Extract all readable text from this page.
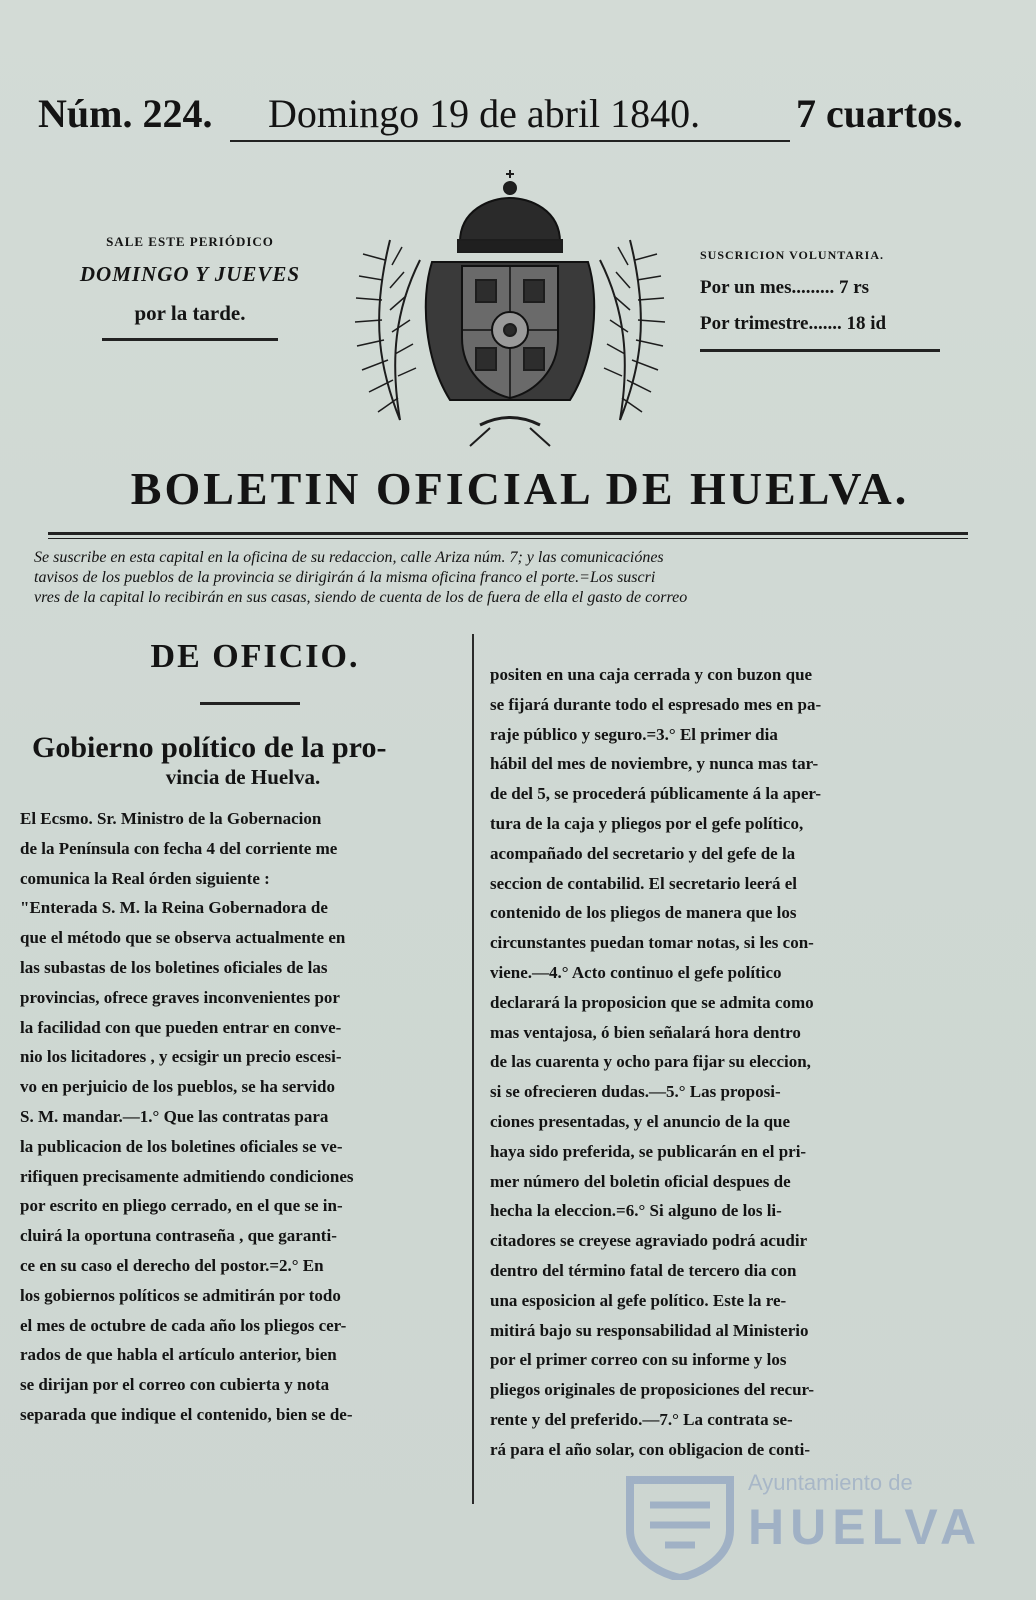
Núm. 224. Domingo 19 de abril 1840. 7 cuartos.
SALE ESTE PERIÓDICO
DOMINGO Y JUEVES
por la tarde.
SUSCRICION VOLUNTARIA.
Por un mes......... 7 rs
Por trimestre....... 18 id
BOLETIN OFICIAL DE HUELVA.
Se suscribe en esta capital en la oficina de su redaccion, calle Ariza núm. 7; y las comunicaciónes
tavisos de los pueblos de la provincia se dirigirán á la misma oficina franco el porte.=Los suscri
vres de la capital lo recibirán en sus casas, siendo de cuenta de los de fuera de ella el gasto de correo
DE OFICIO.
Gobierno político de la pro-
vincia de Huelva.
El Ecsmo. Sr. Ministro de la Gobernacion
de la Península con fecha 4 del corriente me
comunica la Real órden siguiente :
"Enterada S. M. la Reina Gobernadora de
que el método que se observa actualmente en
las subastas de los boletines oficiales de las
provincias, ofrece graves inconvenientes por
la facilidad con que pueden entrar en conve-
nio los licitadores , y ecsigir un precio escesi-
vo en perjuicio de los pueblos, se ha servido
S. M. mandar.—1.° Que las contratas para
la publicacion de los boletines oficiales se ve-
rifiquen precisamente admitiendo condiciones
por escrito en pliego cerrado, en el que se in-
cluirá la oportuna contraseña , que garanti-
ce en su caso el derecho del postor.=2.° En
los gobiernos políticos se admitirán por todo
el mes de octubre de cada año los pliegos cer-
rados de que habla el artículo anterior, bien
se dirijan por el correo con cubierta y nota
separada que indique el contenido, bien se de-
positen en una caja cerrada y con buzon que
se fijará durante todo el espresado mes en pa-
raje público y seguro.=3.° El primer dia
hábil del mes de noviembre, y nunca mas tar-
de del 5, se procederá públicamente á la aper-
tura de la caja y pliegos por el gefe político,
acompañado del secretario y del gefe de la
seccion de contabilid. El secretario leerá el
contenido de los pliegos de manera que los
circunstantes puedan tomar notas, si les con-
viene.—4.° Acto continuo el gefe político
declarará la proposicion que se admita como
mas ventajosa, ó bien señalará hora dentro
de las cuarenta y ocho para fijar su eleccion,
si se ofrecieren dudas.—5.° Las proposi-
ciones presentadas, y el anuncio de la que
haya sido preferida, se publicarán en el pri-
mer número del boletin oficial despues de
hecha la eleccion.=6.° Si alguno de los li-
citadores se creyese agraviado podrá acudir
dentro del término fatal de tercero dia con
una esposicion al gefe político. Este la re-
mitirá bajo su responsabilidad al Ministerio
por el primer correo con su informe y los
pliegos originales de proposiciones del recur-
rente y del preferido.—7.° La contrata se-
rá para el año solar, con obligacion de conti-
Ayuntamiento de
HUELVA
